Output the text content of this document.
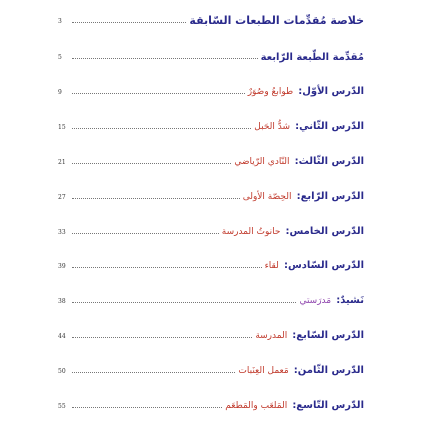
3	خلاصة مُقدِّمات الطبعات السّابقة
5	مُقدِّمة الطّبعة الرّابعة
9	الدّرس الأوّل: طوابعُ وصُوَرٌ
15	الدّرس الثّاني: شدُّ الحَبل
21	الدّرس الثّالث: النّادي الرّياضي
27	الدّرس الرّابع: الحِصّة الأولى
33	الدّرس الخامس: حانوتُ المدرسة
39	الدّرس السّادس: لقاء
38	نَشيدٌ: مَدرَستي
44	الدّرس السّابع: المدرسة
50	الدّرس الثّامن: مَعمل العِنَبات
55	الدّرس التّاسع: المَلعَب والمَطعَم
